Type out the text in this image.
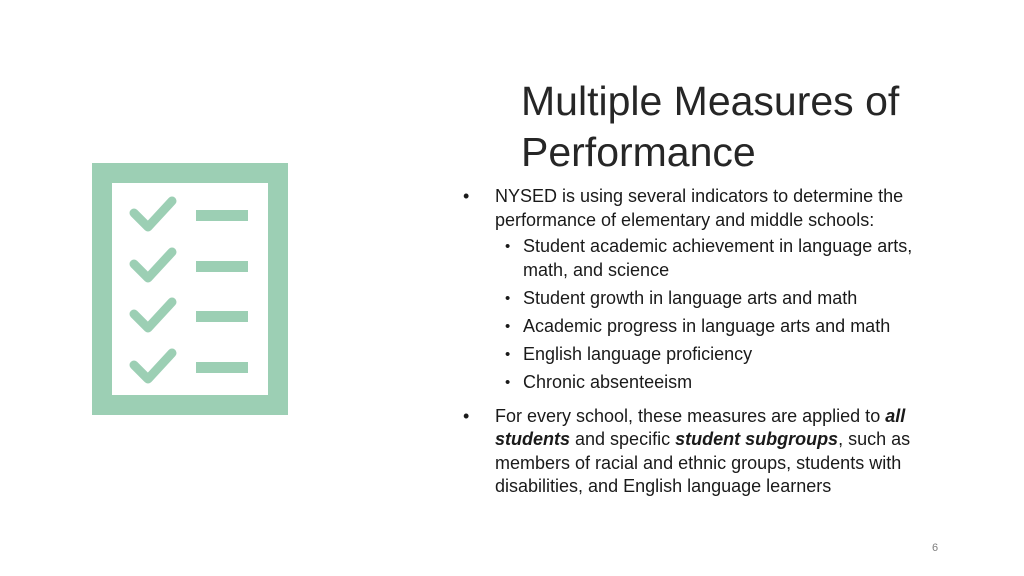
Multiple Measures of
Performance
• NYSED is using several indicators to determine the performance of elementary and middle schools:
• Student academic achievement in language arts, math, and science
• Student growth in language arts and math
• Academic progress in language arts and math
• English language proficiency
• Chronic absenteeism
• For every school, these measures are applied to all students and specific student subgroups, such as members of racial and ethnic groups, students with disabilities, and English language learners
6
